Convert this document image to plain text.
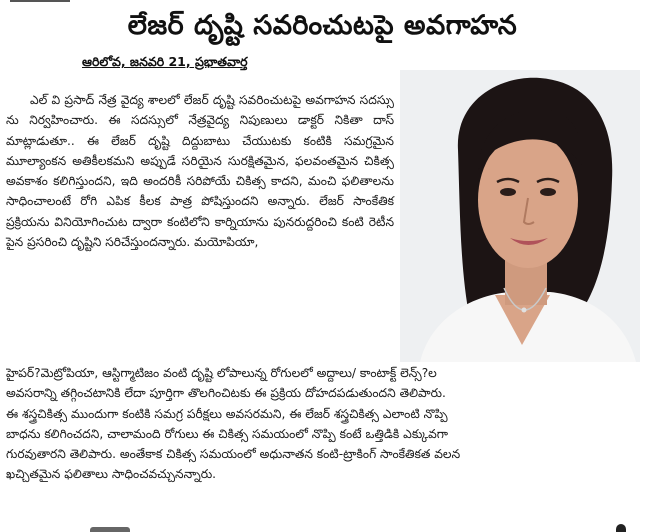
లేజర్ దృష్టి సవరించుటపై అవగాహన
ఆరిలోవ, జనవరి 21, ప్రభాతవార్త

ఎల్ వి ప్రసాద్ నేత్ర వైద్య శాలలో లేజర్ దృష్టి సవరించుటపై అవగాహన సదస్సు ను నిర్వహించారు. ఈ సదస్సులో నేత్రవైద్య నిపుణులు డాక్టర్ నికితా దాస్ మాట్లాడుతూ.. ఈ లేజర్ దృష్టి దిద్దుబాటు చేయుటకు కంటికి సమగ్రమైన మూల్యాంకన అతికీలకమని అప్పుడే సరియైన సురక్షితమైన, ఫలవంతమైన చికిత్స అవకాశం కలిగిస్తుందని, ఇది అందరికీ సరిపోయే చికిత్స కాదని, మంచి ఫలితాలను సాధించాలంటే రోగి ఎపిక కీలక పాత్ర పోషిస్తుందని అన్నారు. లేజర్ సాంకేతిక ప్రక్రియను వినియోగించుట ద్వారా కంటిలోని కార్నియాను పునరుద్దరించి కంటి రెటీన పైన ప్రసరించి దృష్టిని సరిచేస్తుందన్నారు. మయోపియా,

హైపర్?మెట్రోపియా, ఆస్టిగ్మాటిజం వంటి దృష్టి లోపాలున్న రోగులలో అద్దాలు/ కాంటాక్ట్ లెన్స్?ల
అవసరాన్ని తగ్గించటానికి లేదా పూర్తిగా తొలగించిటకు ఈ ప్రక్రియ దోహదపడుతుందని తెలిపారు.
ఈ శస్త్రచికిత్స ముందుగా కంటికి సమగ్ర పరీక్షలు అవసరమని, ఈ లేజర్ శస్త్రచికిత్స ఎలాంటి నొప్పి
బాధను కలిగించదని, చాలామంది రోగులు ఈ చికిత్స సమయంలో నొప్పి కంటే ఒత్తిడికి ఎక్కువగా
గురవుతారని తెలిపారు. అంతేకాక చికిత్స సమయంలో అధునాతన కంటి-ట్రాకింగ్ సాంకేతికత వలన
ఖచ్చితమైన ఫలితాలు సాధించవచ్చునన్నారు.
